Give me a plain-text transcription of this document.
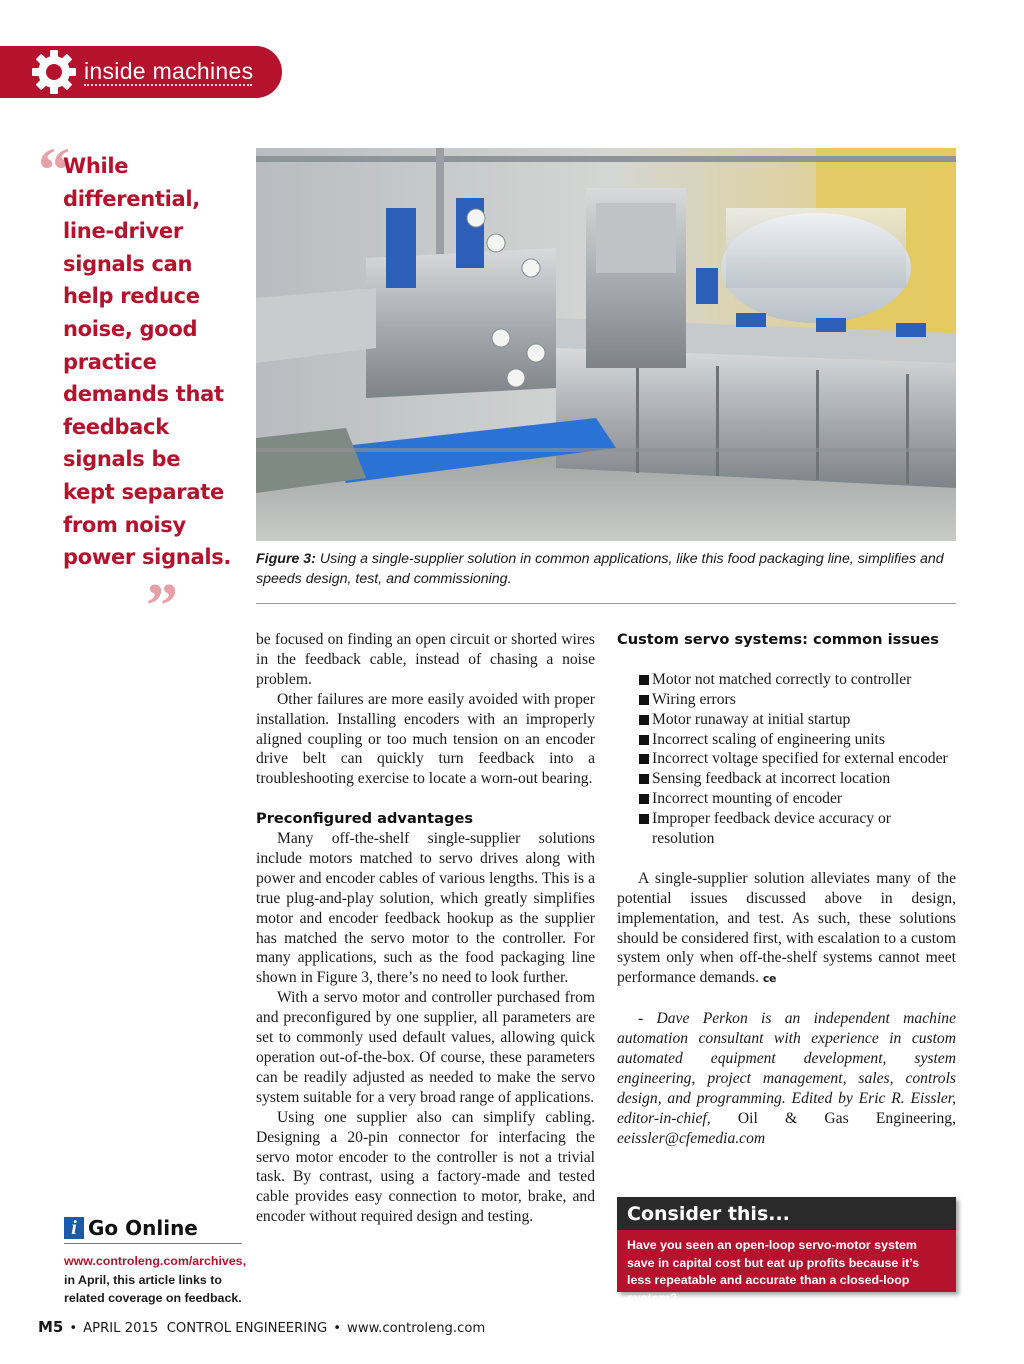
inside machines
“
While differential, line-driver signals can help reduce noise, good practice demands that feedback signals be kept separate from noisy power signals.
”
Figure 3: Using a single-supplier solution in common applications, like this food packaging line, simplifies and speeds design, test, and commissioning.

be focused on finding an open circuit or shorted wires in the feedback cable, instead of chasing a noise problem.

Other failures are more easily avoided with proper installation. Installing encoders with an improperly aligned coupling or too much tension on an encoder drive belt can quickly turn feedback into a troubleshooting exercise to locate a worn-out bearing.

Preconfigured advantages

Many off-the-shelf single-supplier solutions include motors matched to servo drives along with power and encoder cables of various lengths. This is a true plug-and-play solution, which greatly simplifies motor and encoder feedback hookup as the supplier has matched the servo motor to the controller. For many applications, such as the food packaging line shown in Figure 3, there’s no need to look further.

With a servo motor and controller purchased from and preconfigured by one supplier, all parameters are set to commonly used default values, allowing quick operation out-of-the-box. Of course, these parameters can be readily adjusted as needed to make the servo system suitable for a very broad range of applications.

Using one supplier also can simplify cabling. Designing a 20-pin connector for interfacing the servo motor encoder to the controller is not a trivial task. By contrast, using a factory-made and tested cable provides easy connection to motor, brake, and encoder without required design and testing.

Custom servo systems: common issues

Motor not matched correctly to controller
Wiring errors
Motor runaway at initial startup
Incorrect scaling of engineering units
Incorrect voltage specified for external encoder
Sensing feedback at incorrect location
Incorrect mounting of encoder
Improper feedback device accuracy or resolution

A single-supplier solution alleviates many of the potential issues discussed above in design, implementation, and test. As such, these solutions should be considered first, with escalation to a custom system only when off-the-shelf systems cannot meet performance demands. ce

- Dave Perkon is an independent machine automation consultant with experience in custom automated equipment development, system engineering, project management, sales, controls design, and programming. Edited by Eric R. Eissler, editor-in-chief, Oil & Gas Engineering, eeissler@cfemedia.com

i Go Online
www.controleng.com/archives, in April, this article links to related coverage on feedback.
Consider this...
Have you seen an open-loop servo-motor system save in capital cost but eat up profits because it’s less repeatable and accurate than a closed-loop system?
M5 • APRIL 2015 CONTROL ENGINEERING • www.controleng.com
